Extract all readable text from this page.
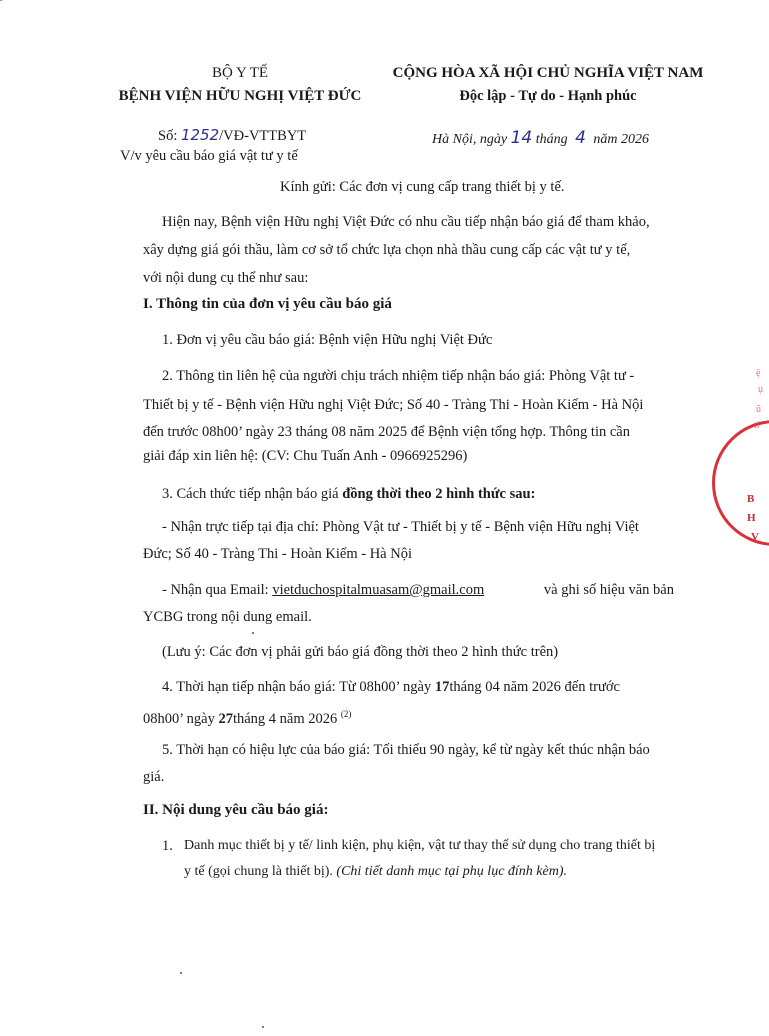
BỘ Y TẾ
BỆNH VIỆN HỮU NGHỊ VIỆT ĐỨC
CỘNG HÒA XÃ HỘI CHỦ NGHĨA VIỆT NAM
Độc lập - Tự do - Hạnh phúc
Số: 1252/VĐ-VTTBYT	Hà Nội, ngày 14 tháng 4 năm 2026
V/v yêu cầu báo giá vật tư y tế
Kính gửi: Các đơn vị cung cấp trang thiết bị y tế.
Hiện nay, Bệnh viện Hữu nghị Việt Đức có nhu cầu tiếp nhận báo giá để tham khảo,
xây dựng giá gói thầu, làm cơ sở tổ chức lựa chọn nhà thầu cung cấp các vật tư y tế,
với nội dung cụ thể như sau:
I. Thông tin của đơn vị yêu cầu báo giá
1. Đơn vị yêu cầu báo giá: Bệnh viện Hữu nghị Việt Đức
2. Thông tin liên hệ của người chịu trách nhiệm tiếp nhận báo giá: Phòng Vật tư -
Thiết bị y tế - Bệnh viện Hữu nghị Việt Đức; Số 40 - Tràng Thi - Hoàn Kiếm - Hà Nội
đến trước 08h00’ ngày 23 tháng 08 năm 2025 để Bệnh viện tổng hợp. Thông tin cần
giải đáp xin liên hệ: (CV: Chu Tuấn Anh - 0966925296)
3. Cách thức tiếp nhận báo giá đồng thời theo 2 hình thức sau:
- Nhận trực tiếp tại địa chỉ: Phòng Vật tư - Thiết bị y tế - Bệnh viện Hữu nghị Việt
Đức; Số 40 - Tràng Thi - Hoàn Kiếm - Hà Nội
- Nhận qua Email: vietduchospitalmuasam@gmail.com	và ghi số hiệu văn bản
YCBG trong nội dung email.
(Lưu ý: Các đơn vị phải gửi báo giá đồng thời theo 2 hình thức trên)
4. Thời hạn tiếp nhận báo giá: Từ 08h00’ ngày 17tháng 04 năm 2026 đến trước
08h00’ ngày 27tháng 4 năm 2026 $^{(2)}$
5. Thời hạn có hiệu lực của báo giá: Tối thiểu 90 ngày, kể từ ngày kết thúc nhận báo
giá.
II. Nội dung yêu cầu báo giá:
1. Danh mục thiết bị y tế/ linh kiện, phụ kiện, vật tư thay thế sử dụng cho trang thiết bị
y tế (gọi chung là thiết bị). (Chi tiết danh mục tại phụ lục đính kèm).
B
H
V
ệ
ụ
ũ
ti
